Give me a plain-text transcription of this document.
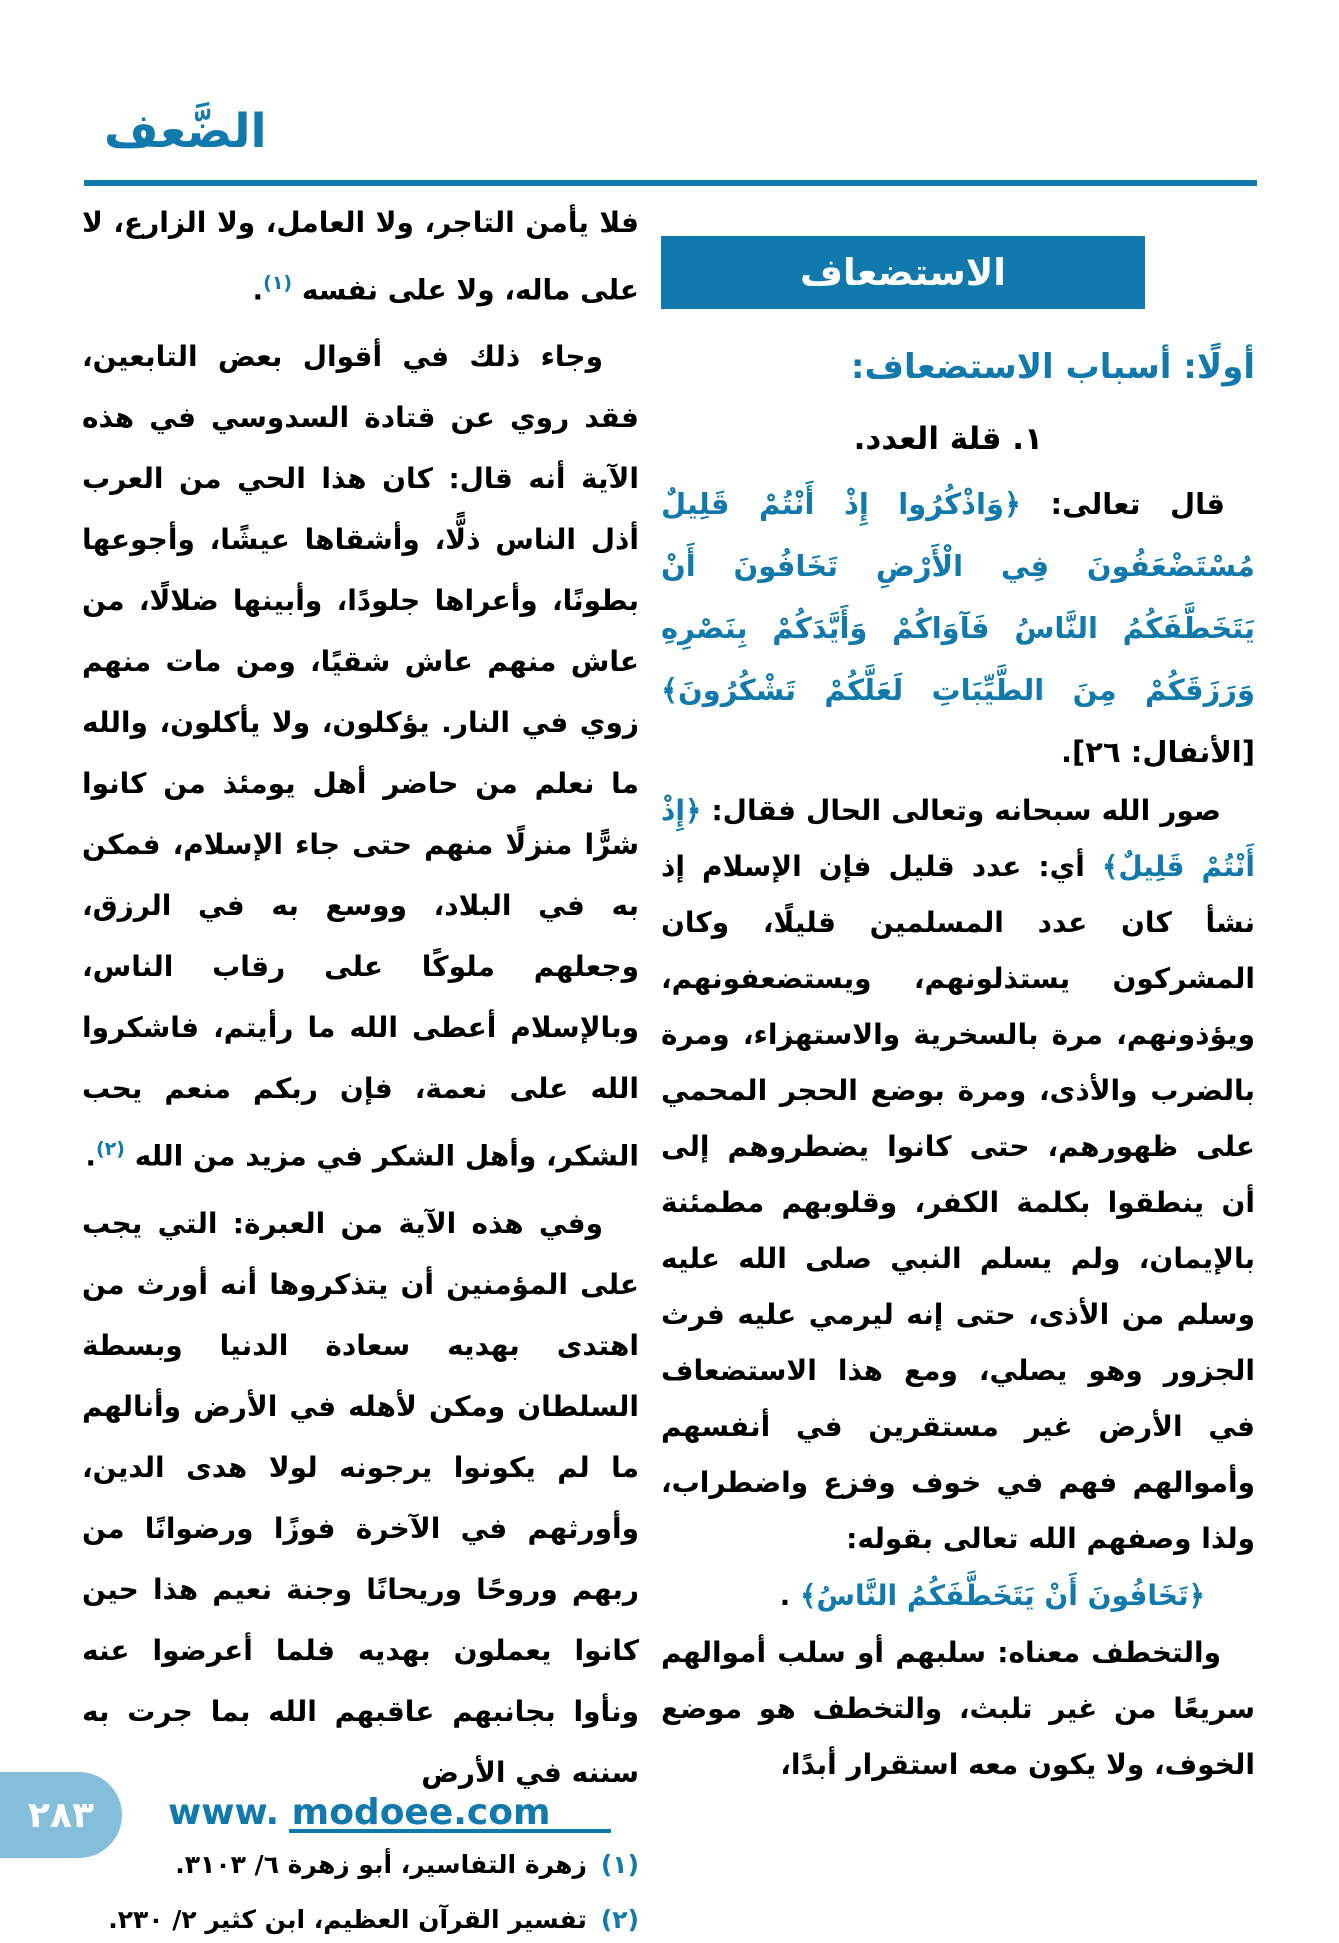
الضَّعف
الاستضعاف
أولًا: أسباب الاستضعاف:
١. قلة العدد.

قال تعالى: ﴿وَاذْكُرُوا إِذْ أَنْتُمْ قَلِيلٌ مُسْتَضْعَفُونَ فِي الْأَرْضِ تَخَافُونَ أَنْ يَتَخَطَّفَكُمُ النَّاسُ فَآوَاكُمْ وَأَيَّدَكُمْ بِنَصْرِهِ وَرَزَقَكُمْ مِنَ الطَّيِّبَاتِ لَعَلَّكُمْ تَشْكُرُونَ﴾ [الأنفال: ٢٦].

صور الله سبحانه وتعالى الحال فقال: ﴿إِذْ أَنْتُمْ قَلِيلٌ﴾ أي: عدد قليل فإن الإسلام إذ نشأ كان عدد المسلمين قليلًا، وكان المشركون يستذلونهم، ويستضعفونهم، ويؤذونهم، مرة بالسخرية والاستهزاء، ومرة بالضرب والأذى، ومرة بوضع الحجر المحمي على ظهورهم، حتى كانوا يضطروهم إلى أن ينطقوا بكلمة الكفر، وقلوبهم مطمئنة بالإيمان، ولم يسلم النبي صلى الله عليه وسلم من الأذى، حتى إنه ليرمي عليه فرث الجزور وهو يصلي، ومع هذا الاستضعاف في الأرض غير مستقرين في أنفسهم وأموالهم فهم في خوف وفزع واضطراب، ولذا وصفهم الله تعالى بقوله:

﴿تَخَافُونَ أَنْ يَتَخَطَّفَكُمُ النَّاسُ﴾ .

والتخطف معناه: سلبهم أو سلب أموالهم سريعًا من غير تلبث، والتخطف هو موضع الخوف، ولا يكون معه استقرار أبدًا،

فلا يأمن التاجر، ولا العامل، ولا الزارع، لا على ماله، ولا على نفسه $^{(١)}$.

وجاء ذلك في أقوال بعض التابعين، فقد روي عن قتادة السدوسي في هذه الآية أنه قال: كان هذا الحي من العرب أذل الناس ذلًّا، وأشقاها عيشًا، وأجوعها بطونًا، وأعراها جلودًا، وأبينها ضلالًا، من عاش منهم عاش شقيًا، ومن مات منهم زوي في النار. يؤكلون، ولا يأكلون، والله ما نعلم من حاضر أهل يومئذ من كانوا شرًّا منزلًا منهم حتى جاء الإسلام، فمكن به في البلاد، ووسع به في الرزق، وجعلهم ملوكًا على رقاب الناس، وبالإسلام أعطى الله ما رأيتم، فاشكروا الله على نعمة، فإن ربكم منعم يحب الشكر، وأهل الشكر في مزيد من الله $^{(٢)}$.

وفي هذه الآية من العبرة: التي يجب على المؤمنين أن يتذكروها أنه أورث من اهتدى بهديه سعادة الدنيا وبسطة السلطان ومكن لأهله في الأرض وأنالهم ما لم يكونوا يرجونه لولا هدى الدين، وأورثهم في الآخرة فوزًا ورضوانًا من ربهم وروحًا وريحانًا وجنة نعيم هذا حين كانوا يعملون بهديه فلما أعرضوا عنه ونأوا بجانبهم عاقبهم الله بما جرت به سننه في الأرض

(١)
زهرة التفاسير، أبو زهرة ٦/ ٣١٠٣.
(٢)
تفسير القرآن العظيم، ابن كثير ٢/ ٢٣٠.
٢٨٣ www. modoee.com
